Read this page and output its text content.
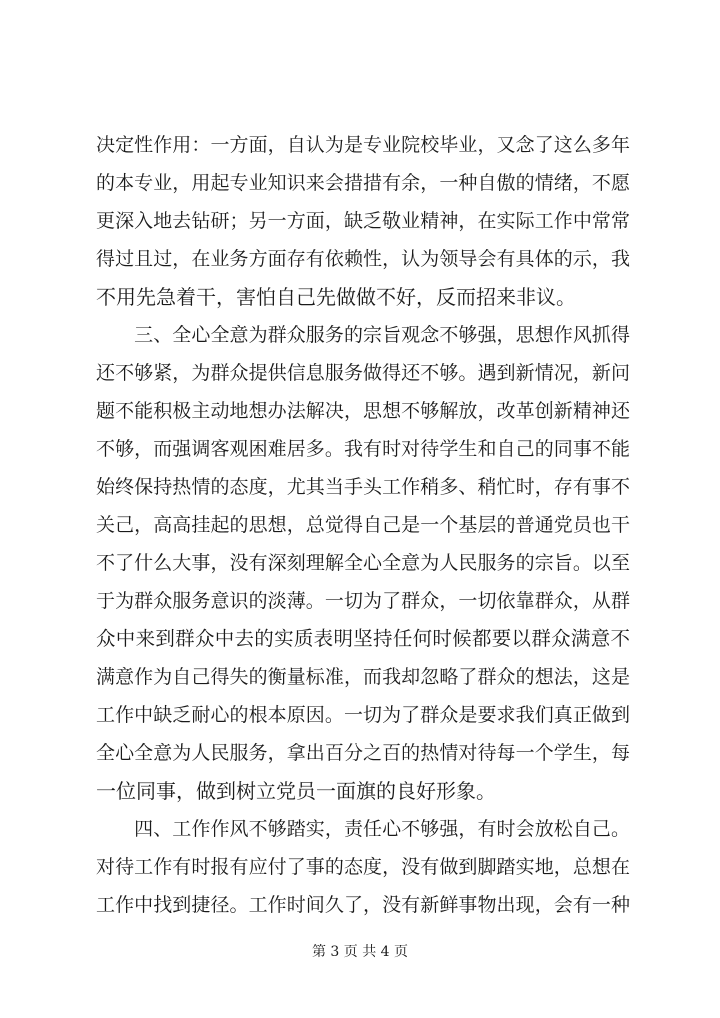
决定性作用：一方面，自认为是专业院校毕业，又念了这么多年
的本专业，用起专业知识来会措措有余，一种自傲的情绪，不愿
更深入地去钻研；另一方面，缺乏敬业精神，在实际工作中常常
得过且过，在业务方面存有依赖性，认为领导会有具体的示，我
不用先急着干，害怕自己先做做不好，反而招来非议。
　　三、全心全意为群众服务的宗旨观念不够强，思想作风抓得
还不够紧，为群众提供信息服务做得还不够。遇到新情况，新问
题不能积极主动地想办法解决，思想不够解放，改革创新精神还
不够，而强调客观困难居多。我有时对待学生和自己的同事不能
始终保持热情的态度，尤其当手头工作稍多、稍忙时，存有事不
关己，高高挂起的思想，总觉得自己是一个基层的普通党员也干
不了什么大事，没有深刻理解全心全意为人民服务的宗旨。以至
于为群众服务意识的淡薄。一切为了群众，一切依靠群众，从群
众中来到群众中去的实质表明坚持任何时候都要以群众满意不
满意作为自己得失的衡量标准，而我却忽略了群众的想法，这是
工作中缺乏耐心的根本原因。一切为了群众是要求我们真正做到
全心全意为人民服务，拿出百分之百的热情对待每一个学生，每
一位同事，做到树立党员一面旗的良好形象。
　　四、工作作风不够踏实，责任心不够强，有时会放松自己。
对待工作有时报有应付了事的态度，没有做到脚踏实地，总想在
工作中找到捷径。工作时间久了，没有新鲜事物出现，会有一种
第 3 页 共 4 页
